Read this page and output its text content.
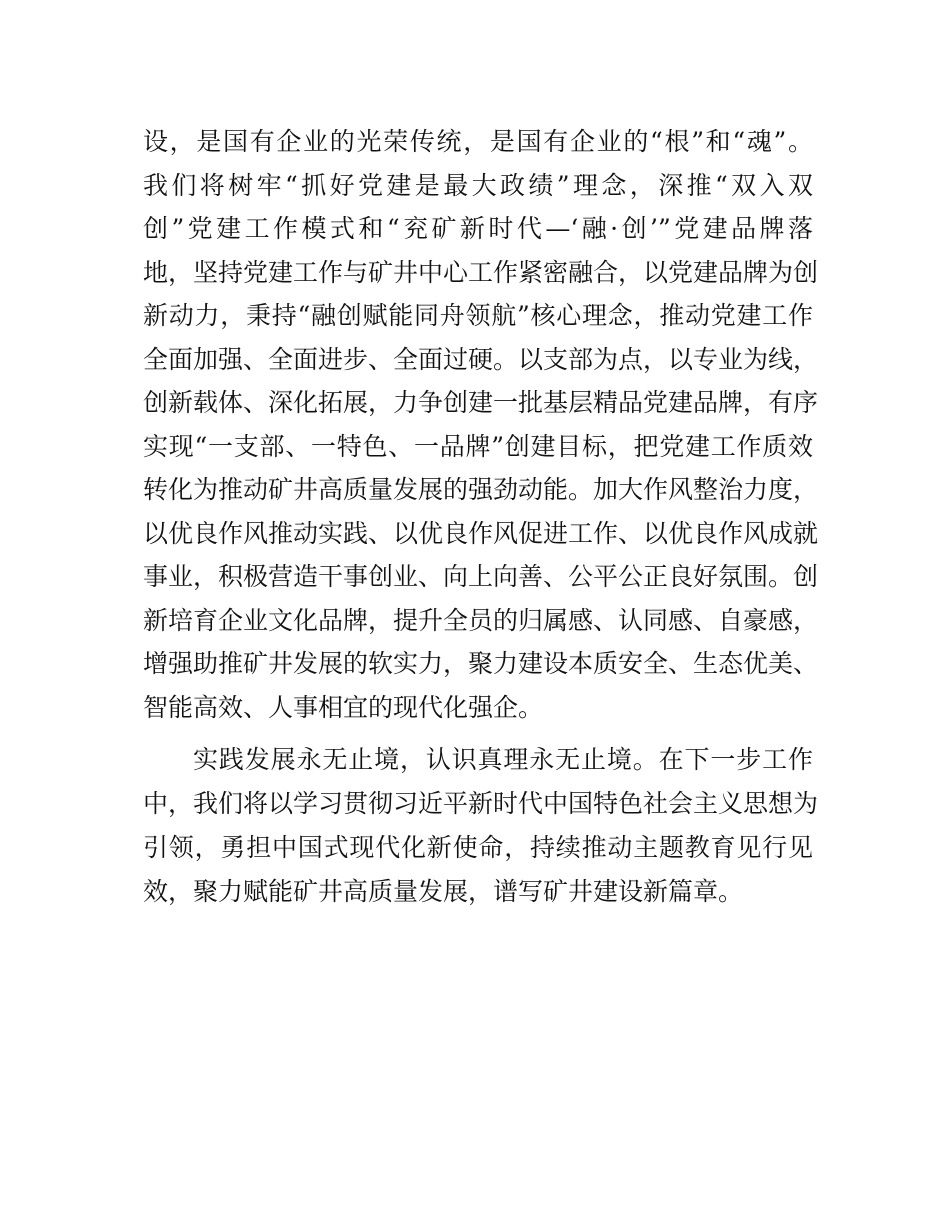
设，是国有企业的光荣传统，是国有企业的“根”和“魂”。
我们将树牢“抓好党建是最大政绩”理念，深推“双入双
创”党建工作模式和“兖矿新时代—‘融·创’”党建品牌落
地，坚持党建工作与矿井中心工作紧密融合，以党建品牌为创
新动力，秉持“融创赋能同舟领航”核心理念，推动党建工作
全面加强、全面进步、全面过硬。以支部为点，以专业为线，
创新载体、深化拓展，力争创建一批基层精品党建品牌，有序
实现“一支部、一特色、一品牌”创建目标，把党建工作质效
转化为推动矿井高质量发展的强劲动能。加大作风整治力度，
以优良作风推动实践、以优良作风促进工作、以优良作风成就
事业，积极营造干事创业、向上向善、公平公正良好氛围。创
新培育企业文化品牌，提升全员的归属感、认同感、自豪感，
增强助推矿井发展的软实力，聚力建设本质安全、生态优美、
智能高效、人事相宜的现代化强企。

实践发展永无止境，认识真理永无止境。在下一步工作
中，我们将以学习贯彻习近平新时代中国特色社会主义思想为
引领，勇担中国式现代化新使命，持续推动主题教育见行见
效，聚力赋能矿井高质量发展，谱写矿井建设新篇章。
